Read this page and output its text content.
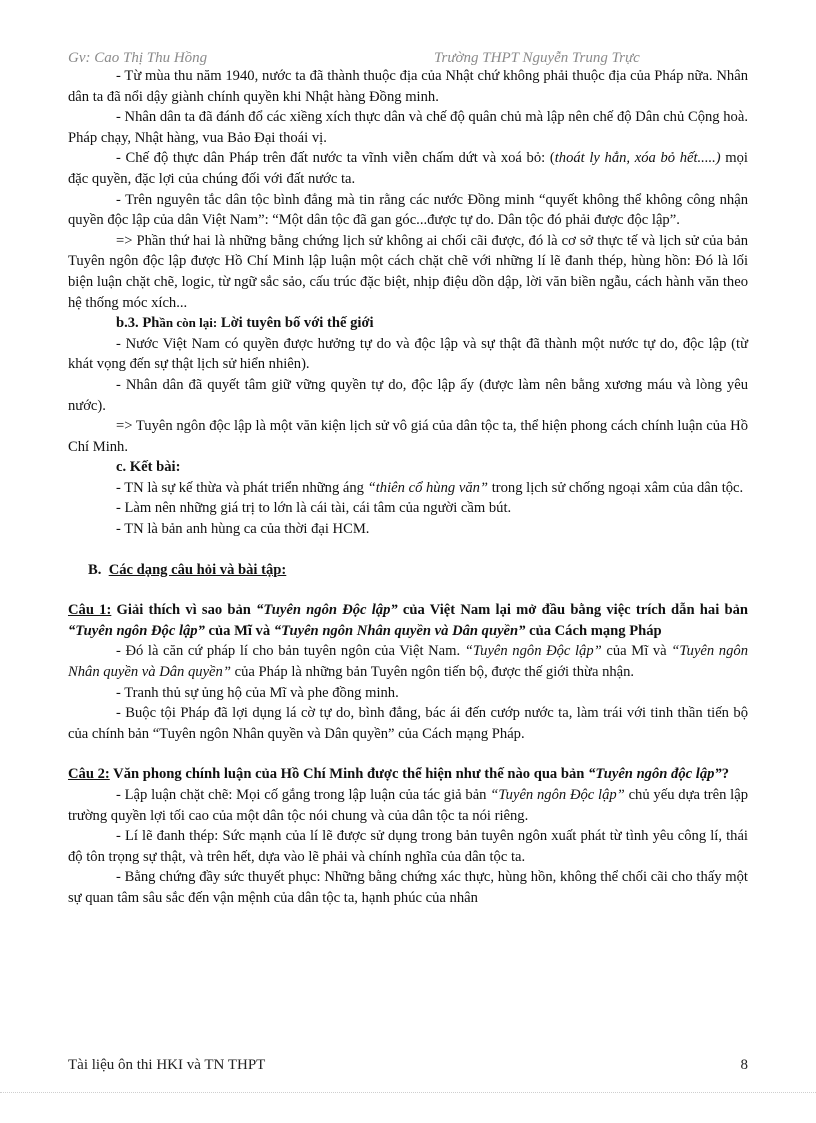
Gv: Cao Thị Thu Hồng	Trường THPT Nguyễn Trung Trực

- Từ mùa thu năm 1940, nước ta đã thành thuộc địa của Nhật chứ không phải thuộc địa của Pháp nữa. Nhân dân ta đã nổi dậy giành chính quyền khi Nhật hàng Đồng minh.

- Nhân dân ta đã đánh đổ các xiềng xích thực dân và chế độ quân chủ mà lập nên chế độ Dân chủ Cộng hoà. Pháp chạy, Nhật hàng, vua Bảo Đại thoái vị.

- Chế độ thực dân Pháp trên đất nước ta vĩnh viễn chấm dứt và xoá bỏ: (thoát ly hẳn, xóa bỏ hết.....) mọi đặc quyền, đặc lợi của chúng đối với đất nước ta.

- Trên nguyên tắc dân tộc bình đẳng mà tin rằng các nước Đồng minh “quyết không thể không công nhận quyền độc lập của dân Việt Nam”: “Một dân tộc đã gan góc...được tự do. Dân tộc đó phải được độc lập”.

=> Phần thứ hai là những bằng chứng lịch sử không ai chối cãi được, đó là cơ sở thực tế và lịch sử của bản Tuyên ngôn độc lập được Hồ Chí Minh lập luận một cách chặt chẽ với những lí lẽ đanh thép, hùng hồn: Đó là lối biện luận chặt chẽ, logic, từ ngữ sắc sảo, cấu trúc đặc biệt, nhịp điệu dồn dập, lời văn biền ngẫu, cách hành văn theo hệ thống móc xích...

b.3. Phần còn lại: Lời tuyên bố với thế giới

- Nước Việt Nam có quyền được hưởng tự do và độc lập và sự thật đã thành một nước tự do, độc lập (từ khát vọng đến sự thật lịch sử hiển nhiên).

- Nhân dân đã quyết tâm giữ vững quyền tự do, độc lập ấy (được làm nên bằng xương máu và lòng yêu nước).

=> Tuyên ngôn độc lập là một văn kiện lịch sử vô giá của dân tộc ta, thể hiện phong cách chính luận của Hồ Chí Minh.

c. Kết bài:

- TN là sự kế thừa và phát triển những áng “thiên cổ hùng văn” trong lịch sử chống ngoại xâm của dân tộc.

- Làm nên những giá trị to lớn là cái tài, cái tâm của người cầm bút.

- TN là bản anh hùng ca của thời đại HCM.

B. Các dạng câu hỏi và bài tập:

Câu 1: Giải thích vì sao bản “Tuyên ngôn Độc lập” của Việt Nam lại mở đầu bằng việc trích dẫn hai bản “Tuyên ngôn Độc lập” của Mĩ và “Tuyên ngôn Nhân quyền và Dân quyền” của Cách mạng Pháp

- Đó là căn cứ pháp lí cho bản tuyên ngôn của Việt Nam. “Tuyên ngôn Độc lập” của Mĩ và “Tuyên ngôn Nhân quyền và Dân quyền” của Pháp là những bản Tuyên ngôn tiến bộ, được thế giới thừa nhận.

- Tranh thủ sự ủng hộ của Mĩ và phe đồng minh.

- Buộc tội Pháp đã lợi dụng lá cờ tự do, bình đẳng, bác ái đến cướp nước ta, làm trái với tinh thần tiến bộ của chính bản “Tuyên ngôn Nhân quyền và Dân quyền” của Cách mạng Pháp.

Câu 2: Văn phong chính luận của Hồ Chí Minh được thể hiện như thế nào qua bản “Tuyên ngôn độc lập”?

- Lập luận chặt chẽ: Mọi cố gắng trong lập luận của tác giả bản “Tuyên ngôn Độc lập” chủ yếu dựa trên lập trường quyền lợi tối cao của một dân tộc nói chung và của dân tộc ta nói riêng.

- Lí lẽ đanh thép: Sức mạnh của lí lẽ được sử dụng trong bản tuyên ngôn xuất phát từ tình yêu công lí, thái độ tôn trọng sự thật, và trên hết, dựa vào lẽ phải và chính nghĩa của dân tộc ta.

- Bằng chứng đầy sức thuyết phục: Những bằng chứng xác thực, hùng hồn, không thể chối cãi cho thấy một sự quan tâm sâu sắc đến vận mệnh của dân tộc ta, hạnh phúc của nhân

Tài liệu ôn thi HKI và TN THPT	8
